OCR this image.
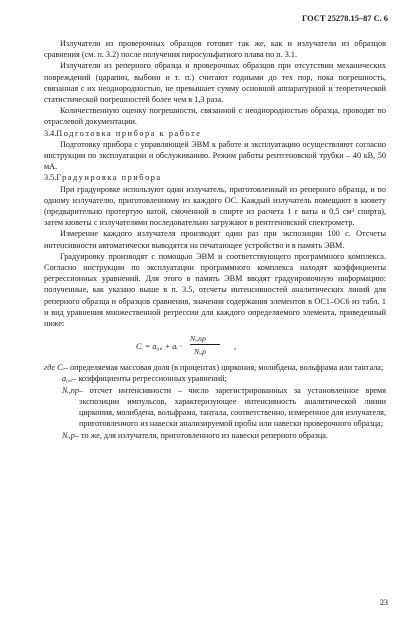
ГОСТ 25278.15–87 С. 6

Излучатели из проверочных образцов готовят так же, как и излучатели из образцов сравнения (см. п. 3.2) после получения пиросульфатного плава по п. 3.1.

Излучатели из реперного образца и проверочных образцов при отсутствии механических повреждений (царапин, выбоин и т. п.) считают годными до тех пор, пока погрешность, связанная с их неоднородностью, не превышает сумму основной аппаратурной и теоретической статистической погрешностей более чем в 1,3 раза.

Количественную оценку погрешности, связанной с неоднородностью образца, проводят по отраслевой документации.

3.4.Подготовка прибора к работе

Подготовку прибора с управляющей ЭВМ к работе и эксплуатацию осуществляют согласно инструкции по эксплуатации и обслуживанию. Режим работы рентгеновской трубки – 40 кВ, 50 мА.

3.5.Градуировка прибора

При градуировке используют один излучатель, приготовленный из реперного образца, и по одному излучателю, приготовленному из каждого ОС. Каждый излучатель помещают в кювету (предварительно протертую ватой, смоченной в спирте из расчета 1 г ваты и 0,5 см³ спирта), затем кюветы с излучателями последовательно загружают в рентгеновский спектрометр.

Измерение каждого излучателя производят один раз при экспозиции 100 с. Отсчеты интенсивности автоматически выводятся на печатающее устройство и в память ЭВМ.

Градуировку производят с помощью ЭВМ и соответствующего программного комплекса. Согласно инструкции по эксплуатации программного комплекса находят коэффициенты регрессионных уравнений. Для этого в память ЭВМ вводят градуировочную информацию: полученные, как указано выше в п. 3.5, отсчеты интенсивностей аналитических линий для реперного образца и образцов сравнения, значения содержания элементов в ОС1–ОС6 из табл. 1 и вид уравнения множественной регрессии для каждого определяемого элемента, приведенный ниже:

Cᵢ = a₀,ᵢ + aᵢ ·
Nᵢ,пр
Nᵢ,р
,
где Cᵢ – определяемая массовая доля (в процентах) циркония, молибдена, вольфрама или тантала;
a₀,ᵢ – коэффициенты регрессионных уравнений;
Nᵢ,пр – отсчет интенсивности – число зарегистрированных за установленное время экспозиции импульсов, характеризующее интенсивность аналитической линии циркония, молибдена, вольфрама, тантала, соответственно, измеренное для излучателя, приготовленного из навески анализируемой пробы или навески проверочного образца;
Nᵢ,р – то же, для излучателя, приготовленного из навески реперного образца.
23
